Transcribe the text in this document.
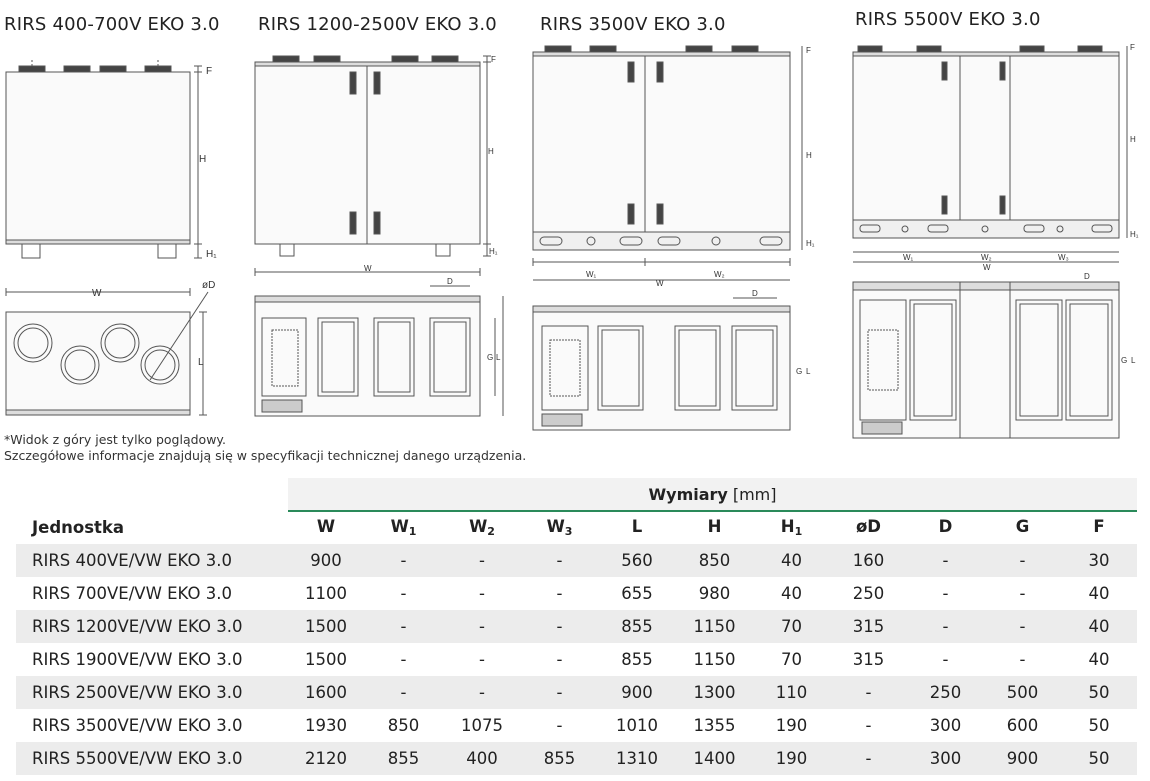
RIRS 400-700V EKO 3.0 RIRS 1200-2500V EKO 3.0 RIRS 3500V EKO 3.0	RIRS 5500V EKO 3.0
F
H
H₁
W
øD
L
F
H
H₁
W
D
G L
F
H
H₁
W₁	W₂
W
D
G L
F
H
H₁
W₁	W₂	W₃
W
D
G L
*Widok z góry jest tylko poglądowy.
Szczegółowe informacje znajdują się w specyfikacji technicznej danego urządzenia.
Wymiary [mm]
Jednostka	W	$W_1$	$W_2$	$W_3$	L	H	$H_1$	øD	D	G	F
RIRS 400VE/VW EKO 3.0	900	-	-	-	560	850	40	160	-	-	30
RIRS 700VE/VW EKO 3.0	1100	-	-	-	655	980	40	250	-	-	40
RIRS 1200VE/VW EKO 3.0	1500	-	-	-	855	1150	70	315	-	-	40
RIRS 1900VE/VW EKO 3.0	1500	-	-	-	855	1150	70	315	-	-	40
RIRS 2500VE/VW EKO 3.0	1600	-	-	-	900	1300	110	-	250	500	50
RIRS 3500VE/VW EKO 3.0	1930	850	1075	-	1010	1355	190	-	300	600	50
RIRS 5500VE/VW EKO 3.0	2120	855	400	855	1310	1400	190	-	300	900	50
